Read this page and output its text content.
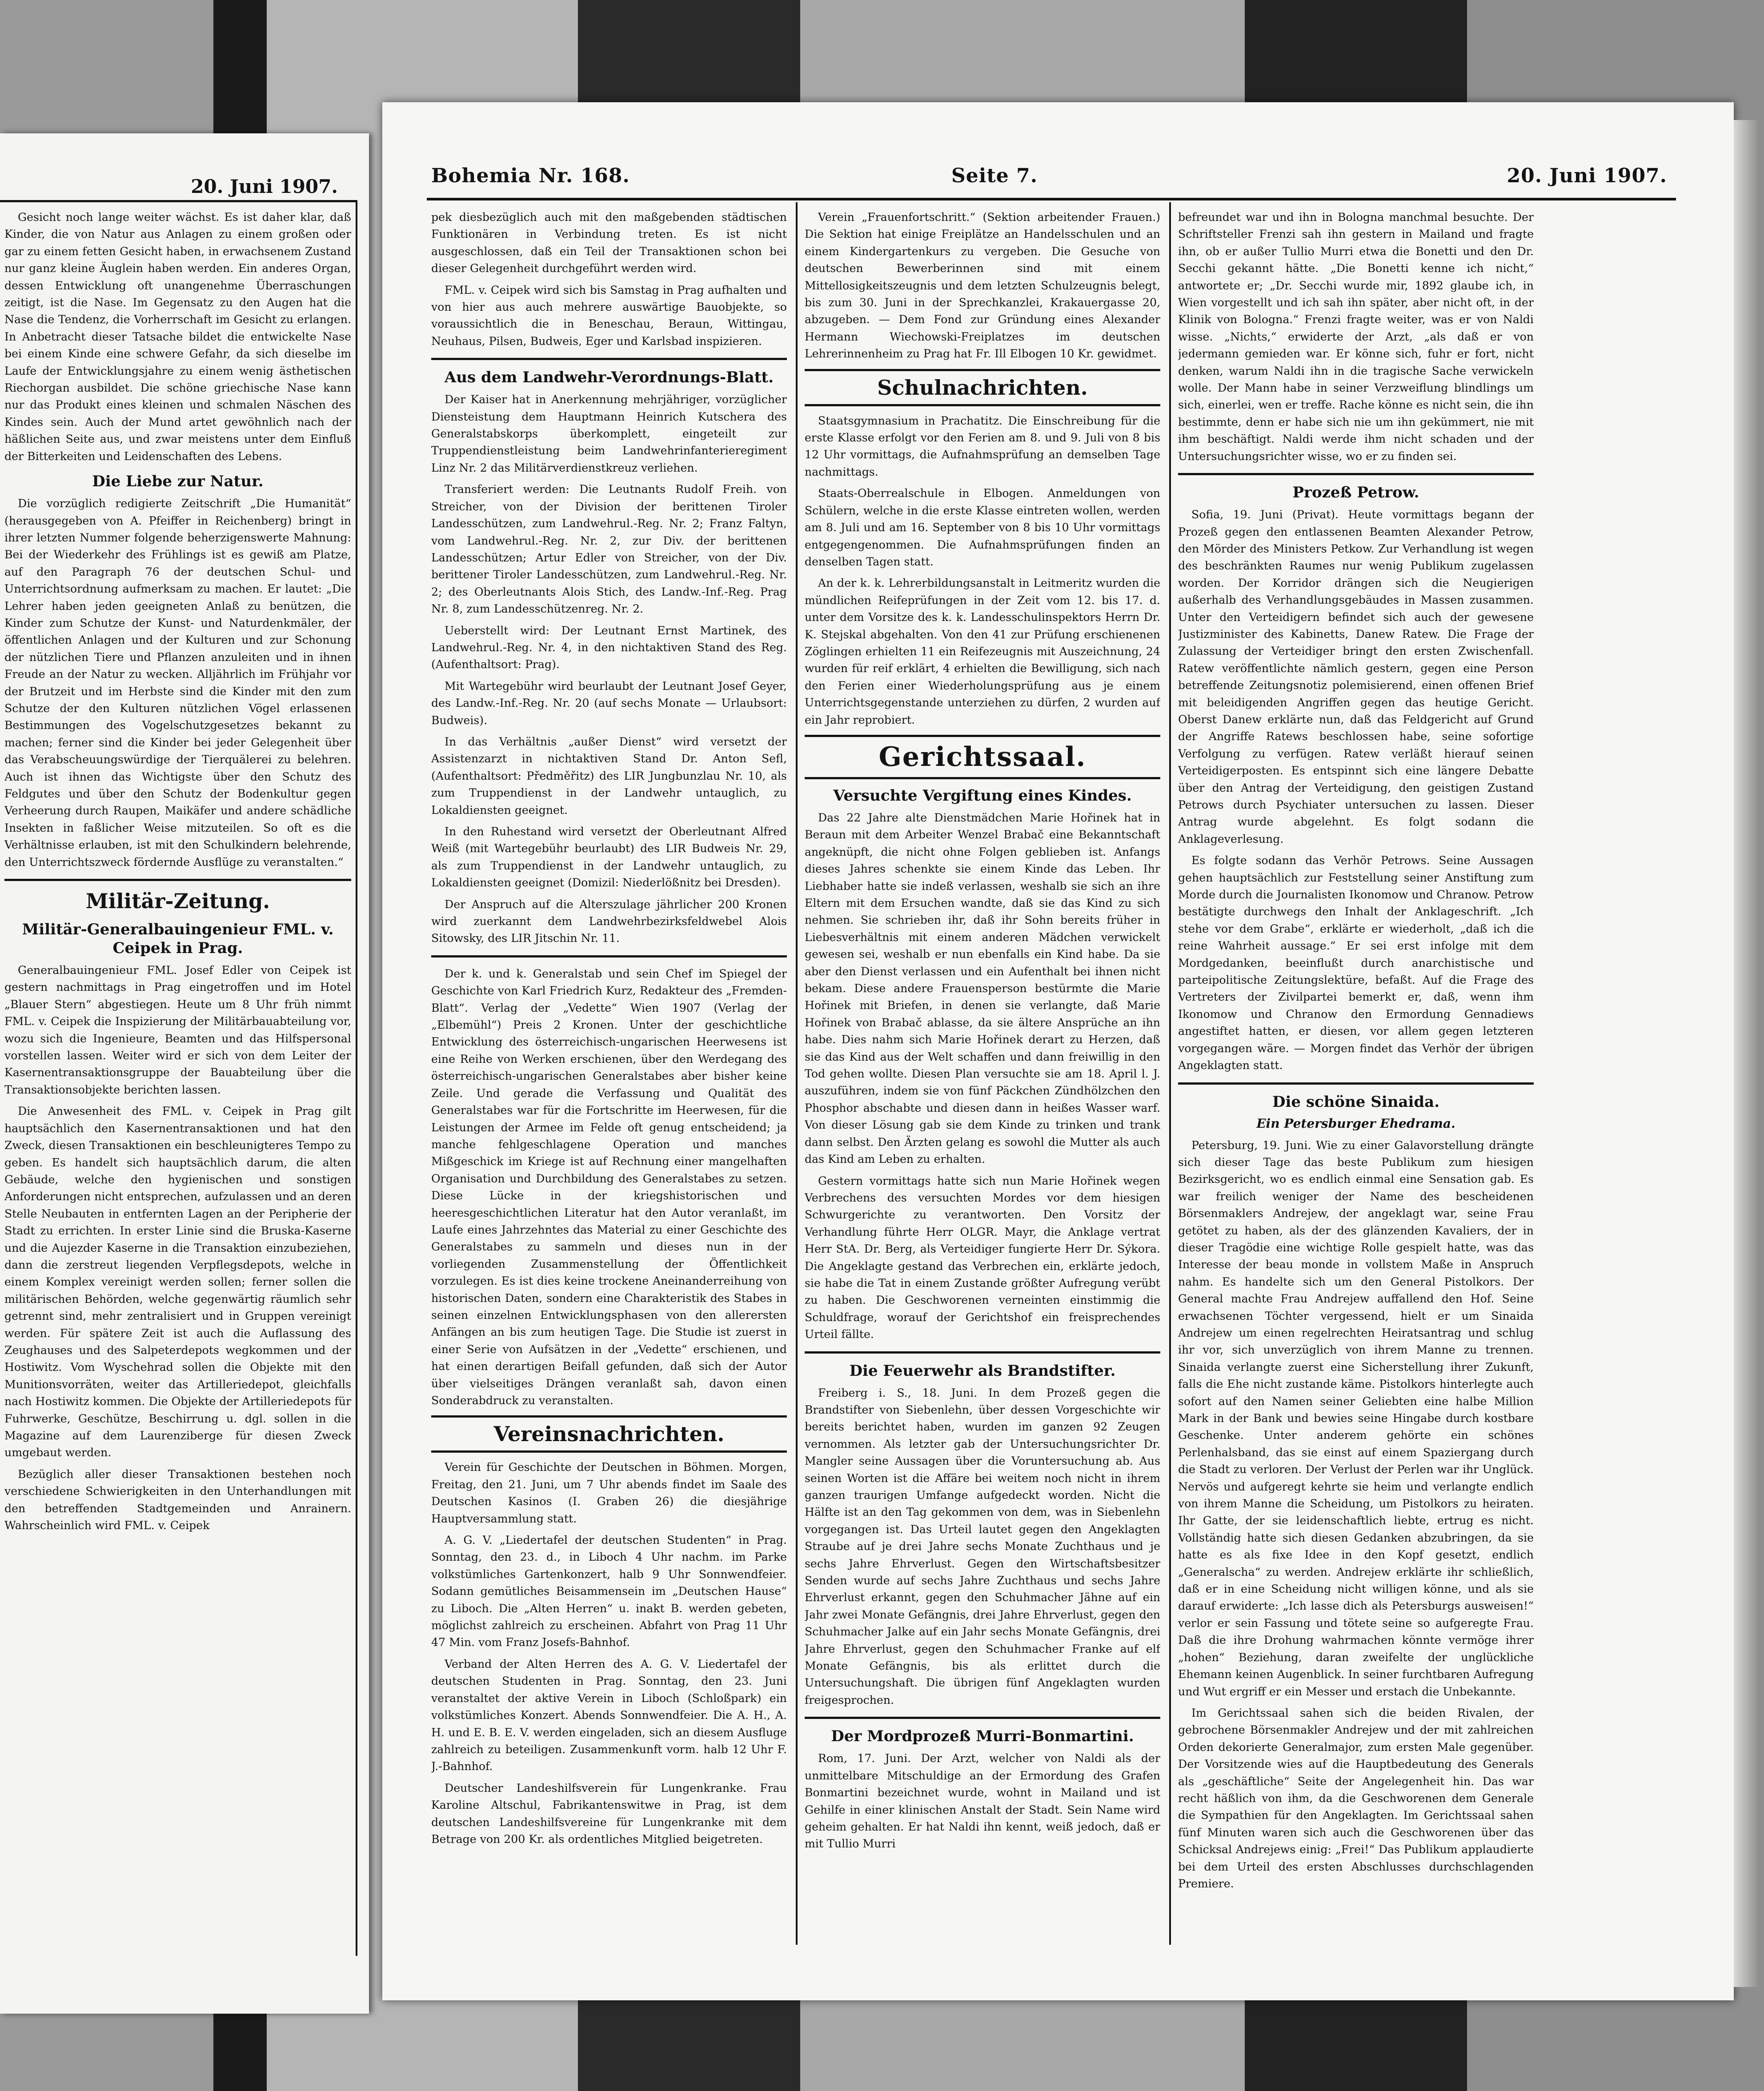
20. Juni 1907.

Gesicht noch lange weiter wächst. Es ist daher klar, daß Kinder, die von Natur aus Anlagen zu einem großen oder gar zu einem fetten Gesicht haben, in erwachsenem Zustand nur ganz kleine Äuglein haben werden. Ein anderes Organ, dessen Entwicklung oft unangenehme Überraschungen zeitigt, ist die Nase. Im Gegensatz zu den Augen hat die Nase die Tendenz, die Vorherrschaft im Gesicht zu erlangen. In Anbetracht dieser Tatsache bildet die entwickelte Nase bei einem Kinde eine schwere Gefahr, da sich dieselbe im Laufe der Entwicklungsjahre zu einem wenig ästhetischen Riechorgan ausbildet. Die schöne griechische Nase kann nur das Produkt eines kleinen und schmalen Näschen des Kindes sein. Auch der Mund artet gewöhnlich nach der häßlichen Seite aus, und zwar meistens unter dem Einfluß der Bitterkeiten und Leidenschaften des Lebens.

Die Liebe zur Natur.

Die vorzüglich redigierte Zeitschrift „Die Humanität“ (herausgegeben von A. Pfeiffer in Reichenberg) bringt in ihrer letzten Nummer folgende beherzigenswerte Mahnung: Bei der Wiederkehr des Frühlings ist es gewiß am Platze, auf den Paragraph 76 der deutschen Schul- und Unterrichtsordnung aufmerksam zu machen. Er lautet: „Die Lehrer haben jeden geeigneten Anlaß zu benützen, die Kinder zum Schutze der Kunst- und Naturdenkmäler, der öffentlichen Anlagen und der Kulturen und zur Schonung der nützlichen Tiere und Pflanzen anzuleiten und in ihnen Freude an der Natur zu wecken. Alljährlich im Frühjahr vor der Brutzeit und im Herbste sind die Kinder mit den zum Schutze der den Kulturen nützlichen Vögel erlassenen Bestimmungen des Vogelschutzgesetzes bekannt zu machen; ferner sind die Kinder bei jeder Gelegenheit über das Verabscheuungswürdige der Tierquälerei zu belehren. Auch ist ihnen das Wichtigste über den Schutz des Feldgutes und über den Schutz der Bodenkultur gegen Verheerung durch Raupen, Maikäfer und andere schädliche Insekten in faßlicher Weise mitzuteilen. So oft es die Verhältnisse erlauben, ist mit den Schulkindern belehrende, den Unterrichtszweck fördernde Ausflüge zu veranstalten.“

Militär-Zeitung.
Militär-Generalbauingenieur FML. v. Ceipek in Prag.

Generalbauingenieur FML. Josef Edler von Ceipek ist gestern nachmittags in Prag eingetroffen und im Hotel „Blauer Stern“ abgestiegen. Heute um 8 Uhr früh nimmt FML. v. Ceipek die Inspizierung der Militärbauabteilung vor, wozu sich die Ingenieure, Beamten und das Hilfspersonal vorstellen lassen. Weiter wird er sich von dem Leiter der Kasernentransaktionsgruppe der Bauabteilung über die Transaktionsobjekte berichten lassen.

Die Anwesenheit des FML. v. Ceipek in Prag gilt hauptsächlich den Kasernentransaktionen und hat den Zweck, diesen Transaktionen ein beschleunigteres Tempo zu geben. Es handelt sich hauptsächlich darum, die alten Gebäude, welche den hygienischen und sonstigen Anforderungen nicht entsprechen, aufzulassen und an deren Stelle Neubauten in entfernten Lagen an der Peripherie der Stadt zu errichten. In erster Linie sind die Bruska-Kaserne und die Aujezder Kaserne in die Transaktion einzubeziehen, dann die zerstreut liegenden Verpflegsdepots, welche in einem Komplex vereinigt werden sollen; ferner sollen die militärischen Behörden, welche gegenwärtig räumlich sehr getrennt sind, mehr zentralisiert und in Gruppen vereinigt werden. Für spätere Zeit ist auch die Auflassung des Zeughauses und des Salpeterdepots wegkommen und der Hostiwitz. Vom Wyschehrad sollen die Objekte mit den Munitionsvorräten, weiter das Artilleriedepot, gleichfalls nach Hostiwitz kommen. Die Objekte der Artilleriedepots für Fuhrwerke, Geschütze, Beschirrung u. dgl. sollen in die Magazine auf dem Laurenziberge für diesen Zweck umgebaut werden.

Bezüglich aller dieser Transaktionen bestehen noch verschiedene Schwierigkeiten in den Unterhandlungen mit den betreffenden Stadtgemeinden und Anrainern. Wahrscheinlich wird FML. v. Ceipek

Bohemia Nr. 168.	Seite 7.	20. Juni 1907.

pek diesbezüglich auch mit den maßgebenden städtischen Funktionären in Verbindung treten. Es ist nicht ausgeschlossen, daß ein Teil der Transaktionen schon bei dieser Gelegenheit durchgeführt werden wird.

FML. v. Ceipek wird sich bis Samstag in Prag aufhalten und von hier aus auch mehrere auswärtige Bauobjekte, so voraussichtlich die in Beneschau, Beraun, Wittingau, Neuhaus, Pilsen, Budweis, Eger und Karlsbad inspizieren.

Aus dem Landwehr-Verordnungs-Blatt.

Der Kaiser hat in Anerkennung mehrjähriger, vorzüglicher Diensteistung dem Hauptmann Heinrich Kutschera des Generalstabskorps überkomplett, eingeteilt zur Truppendienstleistung beim Landwehrinfanterieregiment Linz Nr. 2 das Militärverdienstkreuz verliehen.

Transferiert werden: Die Leutnants Rudolf Freih. von Streicher, von der Division der berittenen Tiroler Landesschützen, zum Landwehrul.-Reg. Nr. 2; Franz Faltyn, vom Landwehrul.-Reg. Nr. 2, zur Div. der berittenen Landesschützen; Artur Edler von Streicher, von der Div. berittener Tiroler Landesschützen, zum Landwehrul.-Reg. Nr. 2; des Oberleutnants Alois Stich, des Landw.-Inf.-Reg. Prag Nr. 8, zum Landesschützenreg. Nr. 2.

Ueberstellt wird: Der Leutnant Ernst Martinek, des Landwehrul.-Reg. Nr. 4, in den nichtaktiven Stand des Reg. (Aufenthaltsort: Prag).

Mit Wartegebühr wird beurlaubt der Leutnant Josef Geyer, des Landw.-Inf.-Reg. Nr. 20 (auf sechs Monate — Urlaubsort: Budweis).

In das Verhältnis „außer Dienst“ wird versetzt der Assistenzarzt in nichtaktiven Stand Dr. Anton Sefl, (Aufenthaltsort: Předměřitz) des LIR Jungbunzlau Nr. 10, als zum Truppendienst in der Landwehr untauglich, zu Lokaldiensten geeignet.

In den Ruhestand wird versetzt der Oberleutnant Alfred Weiß (mit Wartegebühr beurlaubt) des LIR Budweis Nr. 29, als zum Truppendienst in der Landwehr untauglich, zu Lokaldiensten geeignet (Domizil: Niederlößnitz bei Dresden).

Der Anspruch auf die Alterszulage jährlicher 200 Kronen wird zuerkannt dem Landwehrbezirksfeldwebel Alois Sitowsky, des LIR Jitschin Nr. 11.

Der k. und k. Generalstab und sein Chef im Spiegel der Geschichte von Karl Friedrich Kurz, Redakteur des „Fremden-Blatt“. Verlag der „Vedette“ Wien 1907 (Verlag der „Elbemühl“) Preis 2 Kronen. Unter der geschichtliche Entwicklung des österreichisch-ungarischen Heerwesens ist eine Reihe von Werken erschienen, über den Werdegang des österreichisch-ungarischen Generalstabes aber bisher keine Zeile. Und gerade die Verfassung und Qualität des Generalstabes war für die Fortschritte im Heerwesen, für die Leistungen der Armee im Felde oft genug entscheidend; ja manche fehlgeschlagene Operation und manches Mißgeschick im Kriege ist auf Rechnung einer mangelhaften Organisation und Durchbildung des Generalstabes zu setzen. Diese Lücke in der kriegshistorischen und heeresgeschichtlichen Literatur hat den Autor veranlaßt, im Laufe eines Jahrzehntes das Material zu einer Geschichte des Generalstabes zu sammeln und dieses nun in der vorliegenden Zusammenstellung der Öffentlichkeit vorzulegen. Es ist dies keine trockene Aneinanderreihung von historischen Daten, sondern eine Charakteristik des Stabes in seinen einzelnen Entwicklungsphasen von den allerersten Anfängen an bis zum heutigen Tage. Die Studie ist zuerst in einer Serie von Aufsätzen in der „Vedette“ erschienen, und hat einen derartigen Beifall gefunden, daß sich der Autor über vielseitiges Drängen veranlaßt sah, davon einen Sonderabdruck zu veranstalten.

Vereinsnachrichten.

Verein für Geschichte der Deutschen in Böhmen. Morgen, Freitag, den 21. Juni, um 7 Uhr abends findet im Saale des Deutschen Kasinos (I. Graben 26) die diesjährige Hauptversammlung statt.

A. G. V. „Liedertafel der deutschen Studenten“ in Prag. Sonntag, den 23. d., in Liboch 4 Uhr nachm. im Parke volkstümliches Gartenkonzert, halb 9 Uhr Sonnwendfeier. Sodann gemütliches Beisammensein im „Deutschen Hause“ zu Liboch. Die „Alten Herren“ u. inakt B. werden gebeten, möglichst zahlreich zu erscheinen. Abfahrt von Prag 11 Uhr 47 Min. vom Franz Josefs-Bahnhof.

Verband der Alten Herren des A. G. V. Liedertafel der deutschen Studenten in Prag. Sonntag, den 23. Juni veranstaltet der aktive Verein in Liboch (Schloßpark) ein volkstümliches Konzert. Abends Sonnwendfeier. Die A. H., A. H. und E. B. E. V. werden eingeladen, sich an diesem Ausfluge zahlreich zu beteiligen. Zusammenkunft vorm. halb 12 Uhr F. J.-Bahnhof.

Deutscher Landeshilfsverein für Lungenkranke. Frau Karoline Altschul, Fabrikantenswitwe in Prag, ist dem deutschen Landeshilfsvereine für Lungenkranke mit dem Betrage von 200 Kr. als ordentliches Mitglied beigetreten.

Verein „Frauenfortschritt.“ (Sektion arbeitender Frauen.) Die Sektion hat einige Freiplätze an Handelsschulen und an einem Kindergartenkurs zu vergeben. Die Gesuche von deutschen Bewerberinnen sind mit einem Mittellosigkeitszeugnis und dem letzten Schulzeugnis belegt, bis zum 30. Juni in der Sprechkanzlei, Krakauergasse 20, abzugeben. — Dem Fond zur Gründung eines Alexander Hermann Wiechowski-Freiplatzes im deutschen Lehrerinnenheim zu Prag hat Fr. Ill Elbogen 10 Kr. gewidmet.

Schulnachrichten.

Staatsgymnasium in Prachatitz. Die Einschreibung für die erste Klasse erfolgt vor den Ferien am 8. und 9. Juli von 8 bis 12 Uhr vormittags, die Aufnahmsprüfung an demselben Tage nachmittags.

Staats-Oberrealschule in Elbogen. Anmeldungen von Schülern, welche in die erste Klasse eintreten wollen, werden am 8. Juli und am 16. September von 8 bis 10 Uhr vormittags entgegengenommen. Die Aufnahmsprüfungen finden an denselben Tagen statt.

An der k. k. Lehrerbildungsanstalt in Leitmeritz wurden die mündlichen Reifeprüfungen in der Zeit vom 12. bis 17. d. unter dem Vorsitze des k. k. Landesschulinspektors Herrn Dr. K. Stejskal abgehalten. Von den 41 zur Prüfung erschienenen Zöglingen erhielten 11 ein Reifezeugnis mit Auszeichnung, 24 wurden für reif erklärt, 4 erhielten die Bewilligung, sich nach den Ferien einer Wiederholungsprüfung aus je einem Unterrichtsgegenstande unterziehen zu dürfen, 2 wurden auf ein Jahr reprobiert.

Gerichtssaal.
Versuchte Vergiftung eines Kindes.

Das 22 Jahre alte Dienstmädchen Marie Hořinek hat in Beraun mit dem Arbeiter Wenzel Brabač eine Bekanntschaft angeknüpft, die nicht ohne Folgen geblieben ist. Anfangs dieses Jahres schenkte sie einem Kinde das Leben. Ihr Liebhaber hatte sie indeß verlassen, weshalb sie sich an ihre Eltern mit dem Ersuchen wandte, daß sie das Kind zu sich nehmen. Sie schrieben ihr, daß ihr Sohn bereits früher in Liebesverhältnis mit einem anderen Mädchen verwickelt gewesen sei, weshalb er nun ebenfalls ein Kind habe. Da sie aber den Dienst verlassen und ein Aufenthalt bei ihnen nicht bekam. Diese andere Frauensperson bestürmte die Marie Hořinek mit Briefen, in denen sie verlangte, daß Marie Hořinek von Brabač ablasse, da sie ältere Ansprüche an ihn habe. Dies nahm sich Marie Hořinek derart zu Herzen, daß sie das Kind aus der Welt schaffen und dann freiwillig in den Tod gehen wollte. Diesen Plan versuchte sie am 18. April l. J. auszuführen, indem sie von fünf Päckchen Zündhölzchen den Phosphor abschabte und diesen dann in heißes Wasser warf. Von dieser Lösung gab sie dem Kinde zu trinken und trank dann selbst. Den Ärzten gelang es sowohl die Mutter als auch das Kind am Leben zu erhalten.

Gestern vormittags hatte sich nun Marie Hořinek wegen Verbrechens des versuchten Mordes vor dem hiesigen Schwurgerichte zu verantworten. Den Vorsitz der Verhandlung führte Herr OLGR. Mayr, die Anklage vertrat Herr StA. Dr. Berg, als Verteidiger fungierte Herr Dr. Sýkora. Die Angeklagte gestand das Verbrechen ein, erklärte jedoch, sie habe die Tat in einem Zustande größter Aufregung verübt zu haben. Die Geschworenen verneinten einstimmig die Schuldfrage, worauf der Gerichtshof ein freisprechendes Urteil fällte.

Die Feuerwehr als Brandstifter.

Freiberg i. S., 18. Juni. In dem Prozeß gegen die Brandstifter von Siebenlehn, über dessen Vorgeschichte wir bereits berichtet haben, wurden im ganzen 92 Zeugen vernommen. Als letzter gab der Untersuchungsrichter Dr. Mangler seine Aussagen über die Voruntersuchung ab. Aus seinen Worten ist die Affäre bei weitem noch nicht in ihrem ganzen traurigen Umfange aufgedeckt worden. Nicht die Hälfte ist an den Tag gekommen von dem, was in Siebenlehn vorgegangen ist. Das Urteil lautet gegen den Angeklagten Straube auf je drei Jahre sechs Monate Zuchthaus und je sechs Jahre Ehrverlust. Gegen den Wirtschaftsbesitzer Senden wurde auf sechs Jahre Zuchthaus und sechs Jahre Ehrverlust erkannt, gegen den Schuhmacher Jähne auf ein Jahr zwei Monate Gefängnis, drei Jahre Ehrverlust, gegen den Schuhmacher Jalke auf ein Jahr sechs Monate Gefängnis, drei Jahre Ehrverlust, gegen den Schuhmacher Franke auf elf Monate Gefängnis, bis als erlittet durch die Untersuchungshaft. Die übrigen fünf Angeklagten wurden freigesprochen.

Der Mordprozeß Murri-Bonmartini.

Rom, 17. Juni. Der Arzt, welcher von Naldi als der unmittelbare Mitschuldige an der Ermordung des Grafen Bonmartini bezeichnet wurde, wohnt in Mailand und ist Gehilfe in einer klinischen Anstalt der Stadt. Sein Name wird geheim gehalten. Er hat Naldi ihn kennt, weiß jedoch, daß er mit Tullio Murri

befreundet war und ihn in Bologna manchmal besuchte. Der Schriftsteller Frenzi sah ihn gestern in Mailand und fragte ihn, ob er außer Tullio Murri etwa die Bonetti und den Dr. Secchi gekannt hätte. „Die Bonetti kenne ich nicht,“ antwortete er; „Dr. Secchi wurde mir, 1892 glaube ich, in Wien vorgestellt und ich sah ihn später, aber nicht oft, in der Klinik von Bologna.“ Frenzi fragte weiter, was er von Naldi wisse. „Nichts,“ erwiderte der Arzt, „als daß er von jedermann gemieden war. Er könne sich, fuhr er fort, nicht denken, warum Naldi ihn in die tragische Sache verwickeln wolle. Der Mann habe in seiner Verzweiflung blindlings um sich, einerlei, wen er treffe. Rache könne es nicht sein, die ihn bestimmte, denn er habe sich nie um ihn gekümmert, nie mit ihm beschäftigt. Naldi werde ihm nicht schaden und der Untersuchungsrichter wisse, wo er zu finden sei.

Prozeß Petrow.

Sofia, 19. Juni (Privat). Heute vormittags begann der Prozeß gegen den entlassenen Beamten Alexander Petrow, den Mörder des Ministers Petkow. Zur Verhandlung ist wegen des beschränkten Raumes nur wenig Publikum zugelassen worden. Der Korridor drängen sich die Neugierigen außerhalb des Verhandlungsgebäudes in Massen zusammen. Unter den Verteidigern befindet sich auch der gewesene Justizminister des Kabinetts, Danew Ratew. Die Frage der Zulassung der Verteidiger bringt den ersten Zwischenfall. Ratew veröffentlichte nämlich gestern, gegen eine Person betreffende Zeitungsnotiz polemisierend, einen offenen Brief mit beleidigenden Angriffen gegen das heutige Gericht. Oberst Danew erklärte nun, daß das Feldgericht auf Grund der Angriffe Ratews beschlossen habe, seine sofortige Verfolgung zu verfügen. Ratew verläßt hierauf seinen Verteidigerposten. Es entspinnt sich eine längere Debatte über den Antrag der Verteidigung, den geistigen Zustand Petrows durch Psychiater untersuchen zu lassen. Dieser Antrag wurde abgelehnt. Es folgt sodann die Anklageverlesung.

Es folgte sodann das Verhör Petrows. Seine Aussagen gehen hauptsächlich zur Feststellung seiner Anstiftung zum Morde durch die Journalisten Ikonomow und Chranow. Petrow bestätigte durchwegs den Inhalt der Anklageschrift. „Ich stehe vor dem Grabe“, erklärte er wiederholt, „daß ich die reine Wahrheit aussage.“ Er sei erst infolge mit dem Mordgedanken, beeinflußt durch anarchistische und parteipolitische Zeitungslektüre, befaßt. Auf die Frage des Vertreters der Zivilpartei bemerkt er, daß, wenn ihm Ikonomow und Chranow den Ermordung Gennadiews angestiftet hatten, er diesen, vor allem gegen letzteren vorgegangen wäre. — Morgen findet das Verhör der übrigen Angeklagten statt.

Die schöne Sinaida.
Ein Petersburger Ehedrama.

Petersburg, 19. Juni. Wie zu einer Galavorstellung drängte sich dieser Tage das beste Publikum zum hiesigen Bezirksgericht, wo es endlich einmal eine Sensation gab. Es war freilich weniger der Name des bescheidenen Börsenmaklers Andrejew, der angeklagt war, seine Frau getötet zu haben, als der des glänzenden Kavaliers, der in dieser Tragödie eine wichtige Rolle gespielt hatte, was das Interesse der beau monde in vollstem Maße in Anspruch nahm. Es handelte sich um den General Pistolkors. Der General machte Frau Andrejew auffallend den Hof. Seine erwachsenen Töchter vergessend, hielt er um Sinaida Andrejew um einen regelrechten Heiratsantrag und schlug ihr vor, sich unverzüglich von ihrem Manne zu trennen. Sinaida verlangte zuerst eine Sicherstellung ihrer Zukunft, falls die Ehe nicht zustande käme. Pistolkors hinterlegte auch sofort auf den Namen seiner Geliebten eine halbe Million Mark in der Bank und bewies seine Hingabe durch kostbare Geschenke. Unter anderem gehörte ein schönes Perlenhalsband, das sie einst auf einem Spaziergang durch die Stadt zu verloren. Der Verlust der Perlen war ihr Unglück. Nervös und aufgeregt kehrte sie heim und verlangte endlich von ihrem Manne die Scheidung, um Pistolkors zu heiraten. Ihr Gatte, der sie leidenschaftlich liebte, ertrug es nicht. Vollständig hatte sich diesen Gedanken abzubringen, da sie hatte es als fixe Idee in den Kopf gesetzt, endlich „Generalscha“ zu werden. Andrejew erklärte ihr schließlich, daß er in eine Scheidung nicht willigen könne, und als sie darauf erwiderte: „Ich lasse dich als Petersburgs ausweisen!“ verlor er sein Fassung und tötete seine so aufgeregte Frau. Daß die ihre Drohung wahrmachen könnte vermöge ihrer „hohen“ Beziehung, daran zweifelte der unglückliche Ehemann keinen Augenblick. In seiner furchtbaren Aufregung und Wut ergriff er ein Messer und erstach die Unbekannte.

Im Gerichtssaal sahen sich die beiden Rivalen, der gebrochene Börsenmakler Andrejew und der mit zahlreichen Orden dekorierte Generalmajor, zum ersten Male gegenüber. Der Vorsitzende wies auf die Hauptbedeutung des Generals als „geschäftliche“ Seite der Angelegenheit hin. Das war recht häßlich von ihm, da die Geschworenen dem Generale die Sympathien für den Angeklagten. Im Gerichtssaal sahen fünf Minuten waren sich auch die Geschworenen über das Schicksal Andrejews einig: „Frei!“ Das Publikum applaudierte bei dem Urteil des ersten Abschlusses durchschlagenden Premiere.
